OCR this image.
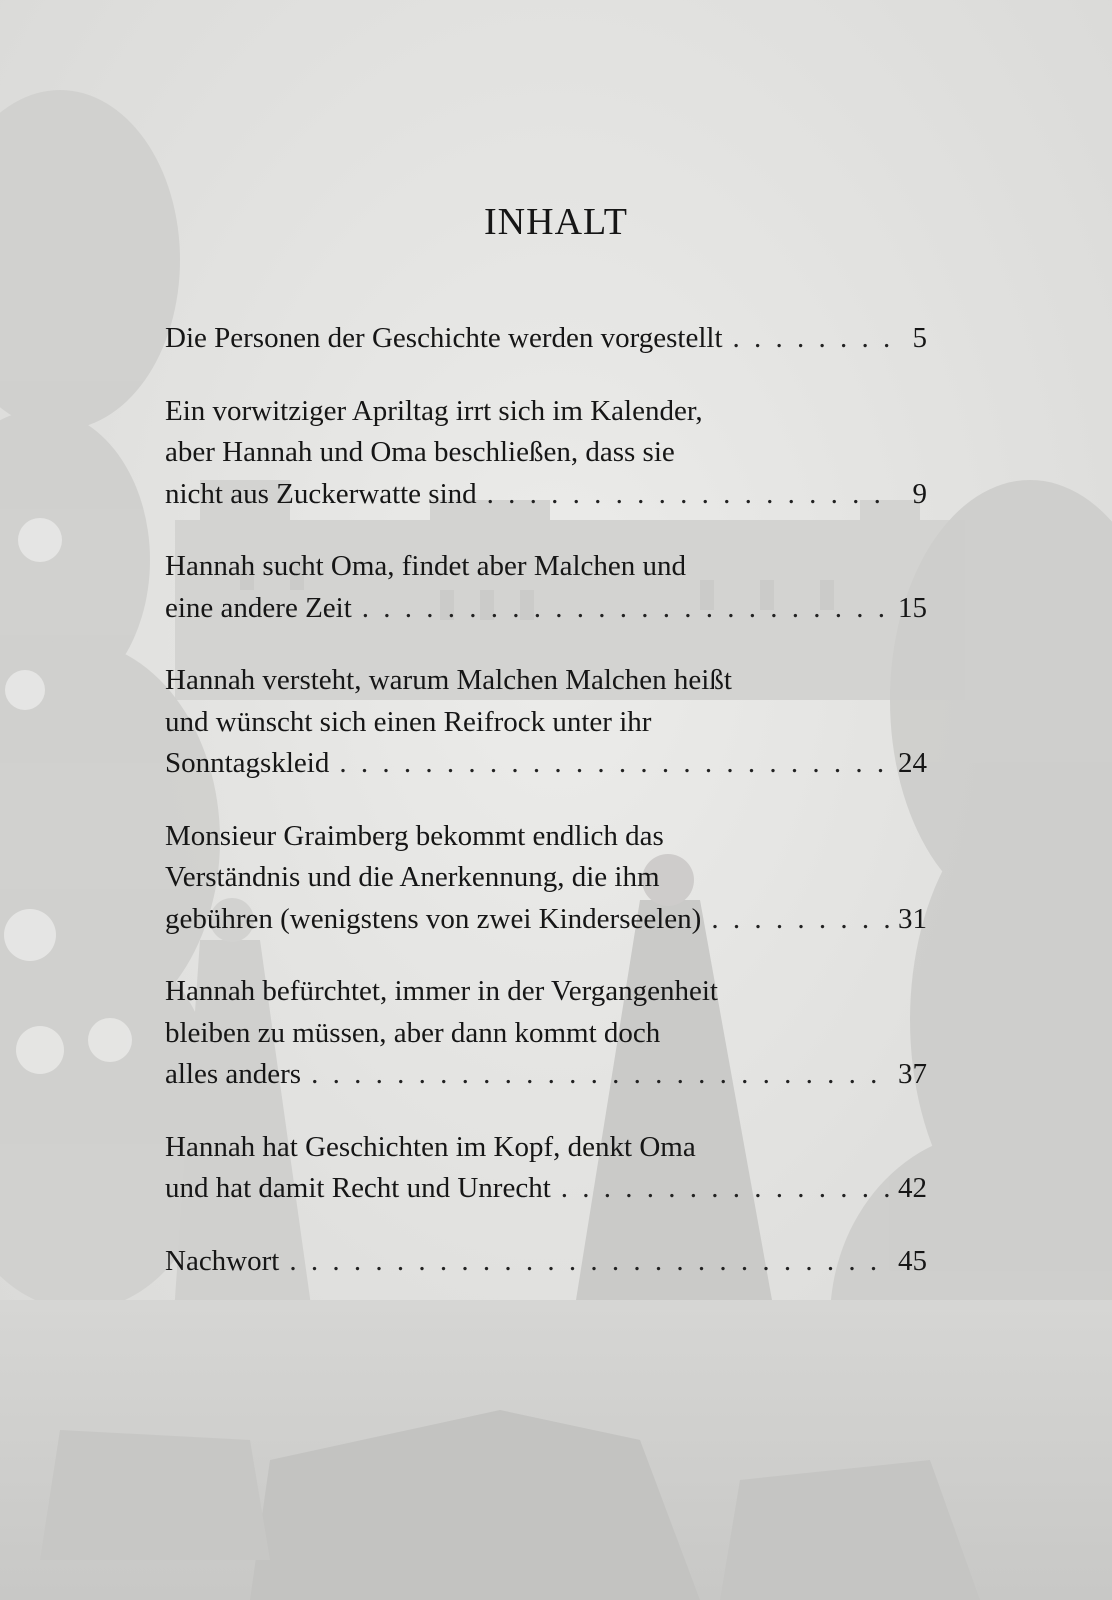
INHALT
Die Personen der Geschichte werden vorgestellt . . .	5
Ein vorwitziger Apriltag irrt sich im Kalender,
aber Hannah und Oma beschließen, dass sie
nicht aus Zuckerwatte sind . . .	9
Hannah sucht Oma, findet aber Malchen und
eine andere Zeit . . .	15
Hannah versteht, warum Malchen Malchen heißt
und wünscht sich einen Reifrock unter ihr
Sonntagskleid . . .	24
Monsieur Graimberg bekommt endlich das
Verständnis und die Anerkennung, die ihm
gebühren (wenigstens von zwei Kinderseelen) . . .	31
Hannah befürchtet, immer in der Vergangenheit
bleiben zu müssen, aber dann kommt doch
alles anders . . .	37
Hannah hat Geschichten im Kopf, denkt Oma
und hat damit Recht und Unrecht . . .	42
Nachwort . . .	45
